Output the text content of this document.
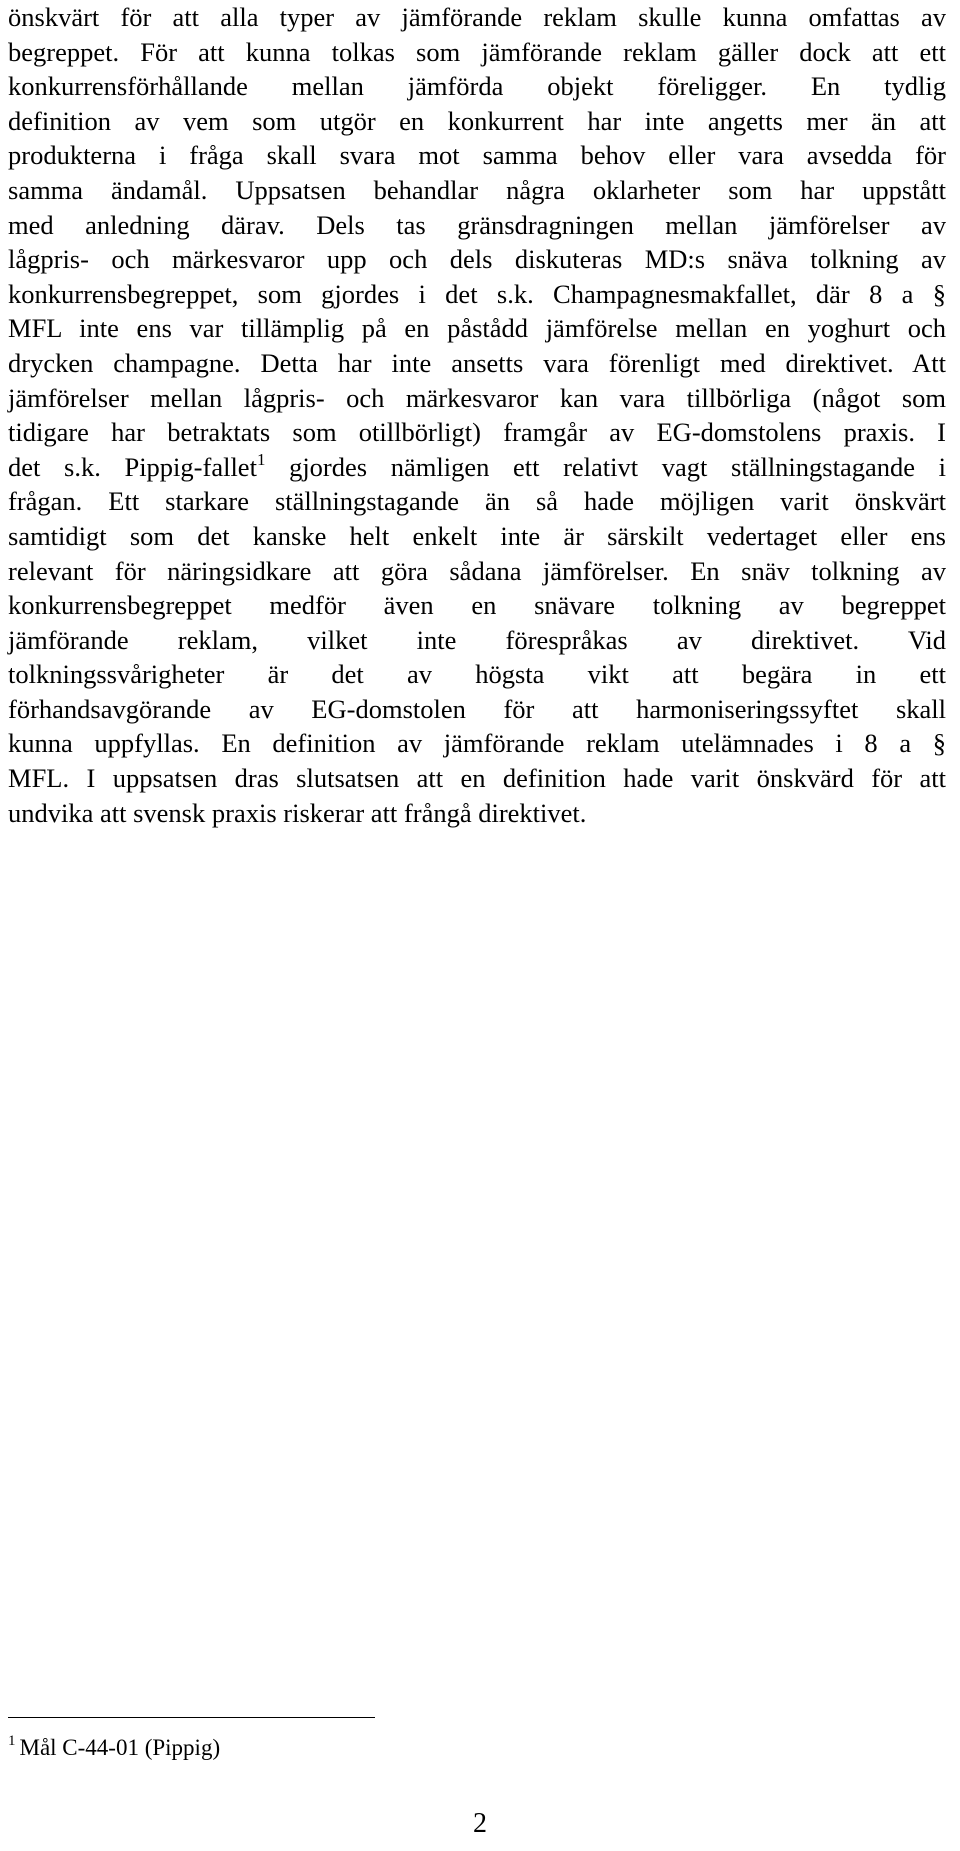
önskvärt för att alla typer av jämförande reklam skulle kunna omfattas av
begreppet. För att kunna tolkas som jämförande reklam gäller dock att ett
konkurrensförhållande mellan jämförda objekt föreligger. En tydlig
definition av vem som utgör en konkurrent har inte angetts mer än att
produkterna i fråga skall svara mot samma behov eller vara avsedda för
samma ändamål. Uppsatsen behandlar några oklarheter som har uppstått
med anledning därav. Dels tas gränsdragningen mellan jämförelser av
lågpris- och märkesvaror upp och dels diskuteras MD:s snäva tolkning av
konkurrensbegreppet, som gjordes i det s.k. Champagnesmakfallet, där 8 a §
MFL inte ens var tillämplig på en påstådd jämförelse mellan en yoghurt och
drycken champagne. Detta har inte ansetts vara förenligt med direktivet. Att
jämförelser mellan lågpris- och märkesvaror kan vara tillbörliga (något som
tidigare har betraktats som otillbörligt) framgår av EG-domstolens praxis. I
det s.k. Pippig-fallet$^1$ gjordes nämligen ett relativt vagt ställningstagande i
frågan. Ett starkare ställningstagande än så hade möjligen varit önskvärt
samtidigt som det kanske helt enkelt inte är särskilt vedertaget eller ens
relevant för näringsidkare att göra sådana jämförelser. En snäv tolkning av
konkurrensbegreppet medför även en snävare tolkning av begreppet
jämförande reklam, vilket inte förespråkas av direktivet. Vid
tolkningssvårigheter är det av högsta vikt att begära in ett
förhandsavgörande av EG-domstolen för att harmoniseringssyftet skall
kunna uppfyllas. En definition av jämförande reklam utelämnades i 8 a §
MFL. I uppsatsen dras slutsatsen att en definition hade varit önskvärd för att
undvika att svensk praxis riskerar att frångå direktivet.
$^1$ Mål C-44-01 (Pippig)
2
